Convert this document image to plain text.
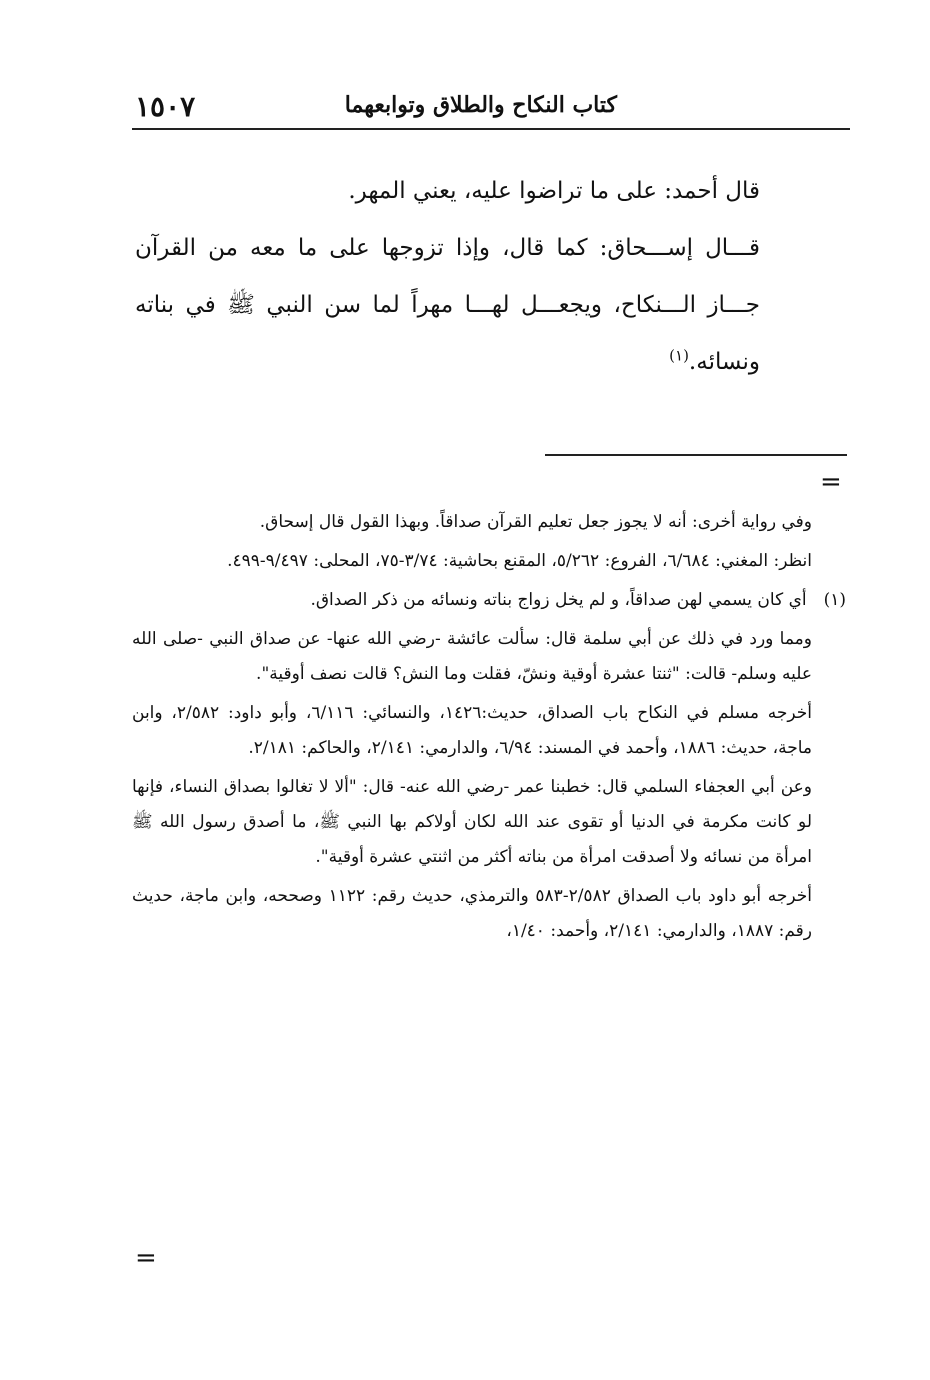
١٥٠٧	كتاب النكاح والطلاق وتوابعهما

قال أحمد: على ما تراضوا عليه، يعني المهر.

قـــال إســـحاق: كما قال، وإذا تزوجها على ما معه من القرآن جـــاز الـــنكاح، ويجعـــل لهـــا مهراً لما سن النبي ﷺ في بناته ونسائه.$^{(١)}$

=

وفي رواية أخرى: أنه لا يجوز جعل تعليم القرآن صداقاً. وبهذا القول قال إسحاق.

انظر: المغني: ٦/٦٨٤، الفروع: ٥/٢٦٢، المقنع بحاشية: ٣/٧٤-٧٥، المحلى: ٩/٤٩٧-٤٩٩.

(١) أي كان يسمي لهن صداقاً، و لم يخل زواج بناته ونسائه من ذكر الصداق.

ومما ورد في ذلك عن أبي سلمة قال: سألت عائشة -رضي الله عنها- عن صداق النبي -صلى الله عليه وسلم- قالت: "ثنتا عشرة أوقية ونشّ، فقلت وما النش؟ قالت نصف أوقية".

أخرجه مسلم في النكاح باب الصداق، حديث:١٤٢٦، والنسائي: ٦/١١٦، وأبو داود: ٢/٥٨٢، وابن ماجة، حديث: ١٨٨٦، وأحمد في المسند: ٦/٩٤، والدارمي: ٢/١٤١، والحاكم: ٢/١٨١.

وعن أبي العجفاء السلمي قال: خطبنا عمر -رضي الله عنه- قال: "ألا لا تغالوا بصداق النساء، فإنها لو كانت مكرمة في الدنيا أو تقوى عند الله لكان أولاكم بها النبي ﷺ، ما أصدق رسول الله ﷺ امرأة من نسائه ولا أصدقت امرأة من بناته أكثر من اثنتي عشرة أوقية".

أخرجه أبو داود باب الصداق ٢/٥٨٢-٥٨٣ والترمذي، حديث رقم: ١١٢٢ وصححه، وابن ماجة، حديث رقم: ١٨٨٧، والدارمي: ٢/١٤١، وأحمد: ١/٤٠،

=
